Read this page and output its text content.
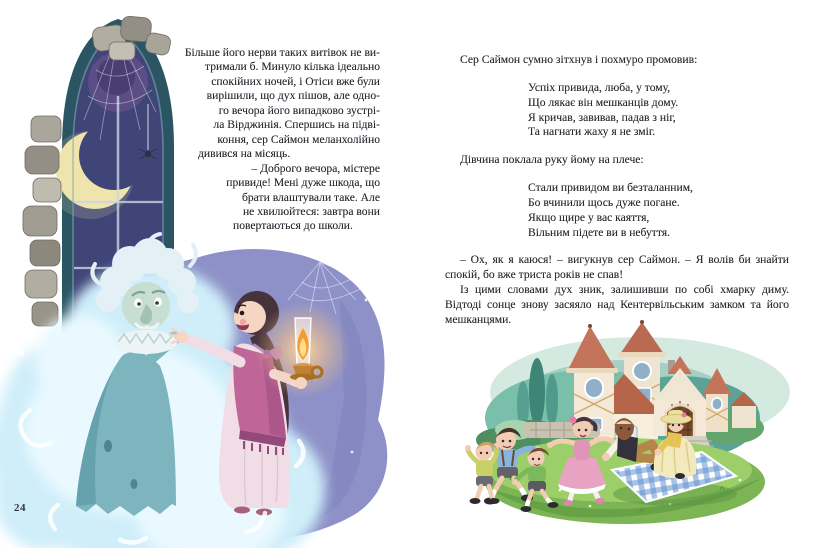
Більше його нерви таких витівок не ви-
тримали б. Минуло кілька ідеально
спокійних ночей, і Отіси вже були
вирішили, що дух пішов, але одно-
го вечора його випадково зустрі-
ла Вірджинія. Спершись на підві-
коння, сер Саймон меланхолійно
дивився на місяць.
– Доброго вечора, містере
привиде! Мені дуже шкода, що
брати влаштували таке. Але
не хвилюйтеся: завтра вони
повертаються до школи.
24

Сер Саймон сумно зітхнув і похмуро промовив:

Успіх привида, люба, у тому,
Що лякає він мешканців дому.
Я кричав, завивав, падав з ніг,
Та нагнати жаху я не зміг.

Дівчина поклала руку йому на плече:

Стали привидом ви безталанним,
Бо вчинили щось дуже погане.
Якщо щире у вас каяття,
Вільним підете ви в небуття.

– Ох, як я каюся! – вигукнув сер Саймон. – Я волів би знайти спокій, бо вже триста років не спав!

Із цими словами дух зник, залишивши по собі хмарку диму. Відтоді сонце знову засяяло над Кентервільським замком та його мешканцями.
